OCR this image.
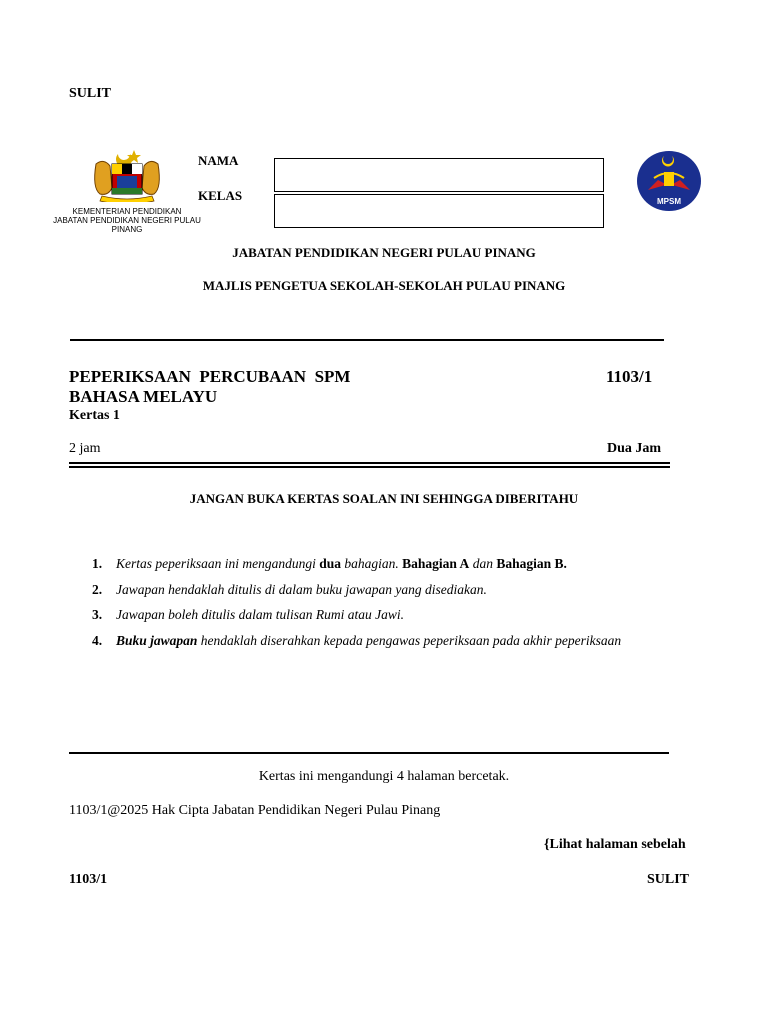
SULIT
KEMENTERIAN PENDIDIKAN
JABATAN PENDIDIKAN NEGERI PULAU PINANG
NAMA
KELAS	MPSM
JABATAN PENDIDIKAN NEGERI PULAU PINANG
MAJLIS PENGETUA SEKOLAH-SEKOLAH PULAU PINANG
PEPERIKSAAN  PERCUBAAN  SPM	1103/1
BAHASA MELAYU
Kertas 1
2 jam	Dua Jam
JANGAN BUKA KERTAS SOALAN INI SEHINGGA DIBERITAHU
1.	Kertas peperiksaan ini mengandungi dua bahagian. Bahagian A dan Bahagian B.
2.	Jawapan hendaklah ditulis di dalam buku jawapan yang disediakan.
3.	Jawapan boleh ditulis dalam tulisan Rumi atau Jawi.
4.	Buku jawapan hendaklah diserahkan kepada pengawas peperiksaan pada akhir peperiksaan
Kertas ini mengandungi 4 halaman bercetak.
1103/1@2025 Hak Cipta Jabatan Pendidikan Negeri Pulau Pinang
{Lihat halaman sebelah
1103/1	SULIT
